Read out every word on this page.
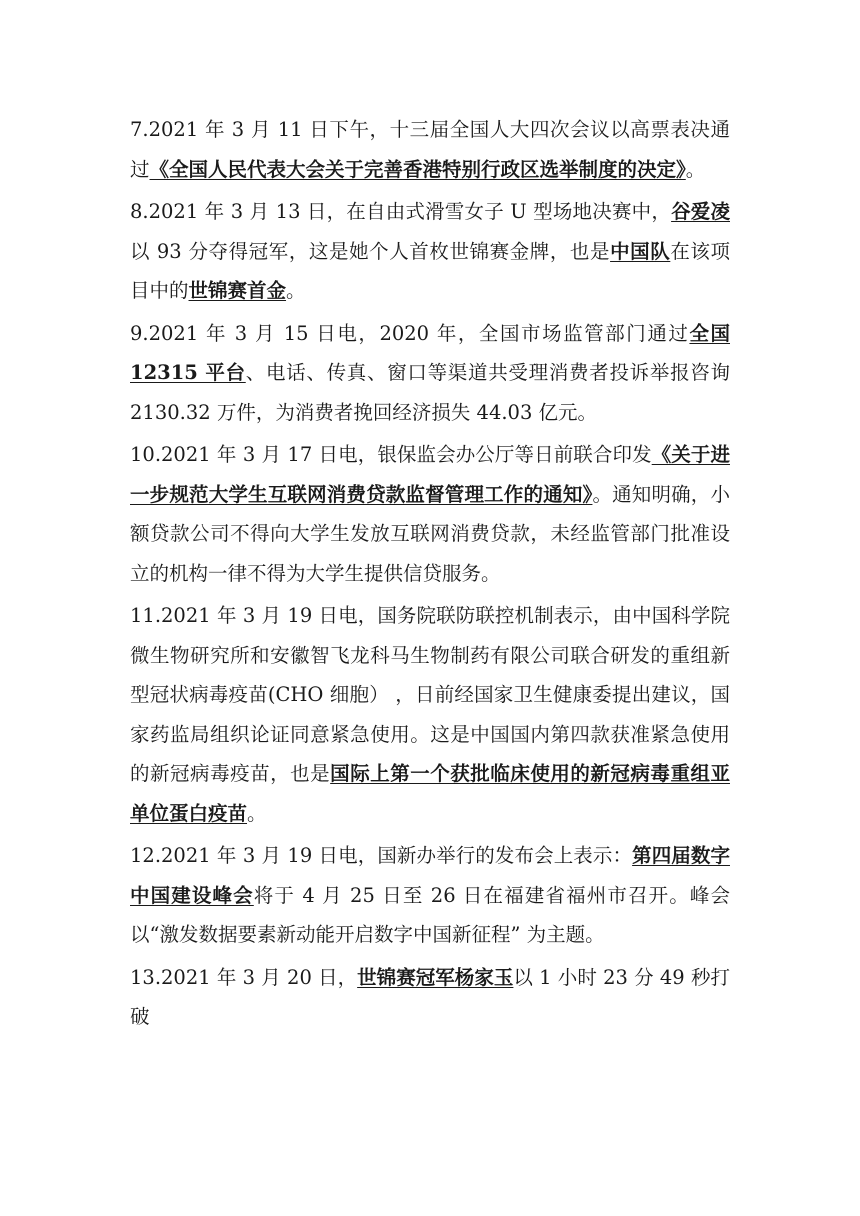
7.2021 年 3 月 11 日下午，十三届全国人大四次会议以高票表决通过《全国人民代表大会关于完善香港特别行政区选举制度的决定》。

8.2021 年 3 月 13 日，在自由式滑雪女子 U 型场地决赛中，谷爱凌以 93 分夺得冠军，这是她个人首枚世锦赛金牌，也是中国队在该项目中的世锦赛首金。

9.2021 年 3 月 15 日电，2020 年，全国市场监管部门通过全国 12315 平台、电话、传真、窗口等渠道共受理消费者投诉举报咨询 2130.32 万件，为消费者挽回经济损失 44.03 亿元。

10.2021 年 3 月 17 日电，银保监会办公厅等日前联合印发《关于进一步规范大学生互联网消费贷款监督管理工作的通知》。通知明确，小额贷款公司不得向大学生发放互联网消费贷款，未经监管部门批准设立的机构一律不得为大学生提供信贷服务。

11.2021 年 3 月 19 日电，国务院联防联控机制表示，由中国科学院微生物研究所和安徽智飞龙科马生物制药有限公司联合研发的重组新型冠状病毒疫苗(CHO 细胞） ，日前经国家卫生健康委提出建议，国家药监局组织论证同意紧急使用。这是中国国内第四款获准紧急使用的新冠病毒疫苗，也是国际上第一个获批临床使用的新冠病毒重组亚单位蛋白疫苗。

12.2021 年 3 月 19 日电，国新办举行的发布会上表示：第四届数字中国建设峰会将于 4 月 25 日至 26 日在福建省福州市召开。峰会以“激发数据要素新动能开启数字中国新征程” 为主题。

13.2021 年 3 月 20 日，世锦赛冠军杨家玉以 1 小时 23 分 49 秒打破
